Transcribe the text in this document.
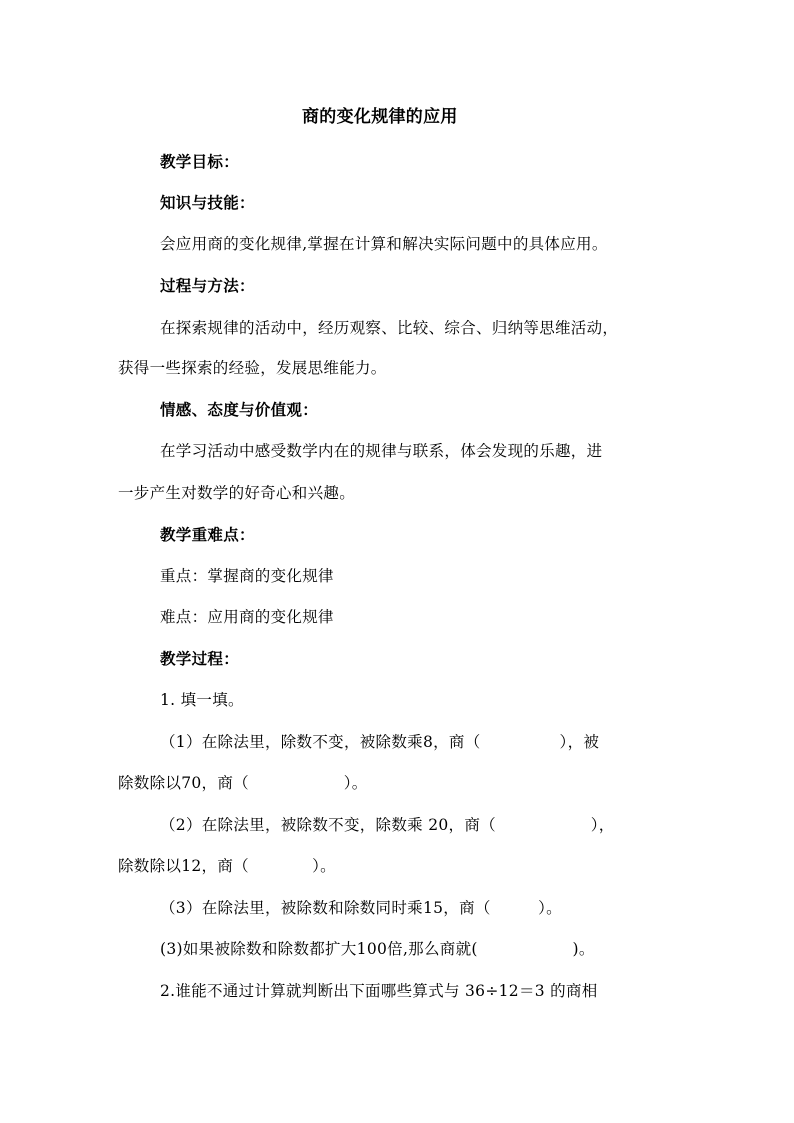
商的变化规律的应用
教学目标：
知识与技能：
会应用商的变化规律,掌握在计算和解决实际问题中的具体应用。
过程与方法：
在探索规律的活动中，经历观察、比较、综合、归纳等思维活动，
获得一些探索的经验，发展思维能力。
情感、态度与价值观：
在学习活动中感受数学内在的规律与联系，体会发现的乐趣，进
一步产生对数学的好奇心和兴趣。
教学重难点：
重点：掌握商的变化规律
难点：应用商的变化规律
教学过程：
1. 填一填。
（1）在除法里，除数不变，被除数乘8，商（　　　　　），被
除数除以70，商（　　　　　　）。
（2）在除法里，被除数不变，除数乘 20，商（　　　　　　），
除数除以12，商（　　　　）。
（3）在除法里，被除数和除数同时乘15，商（　　　）。
(3)如果被除数和除数都扩大100倍,那么商就(　　　　　　)。
2.谁能不通过计算就判断出下面哪些算式与 36÷12＝3 的商相
